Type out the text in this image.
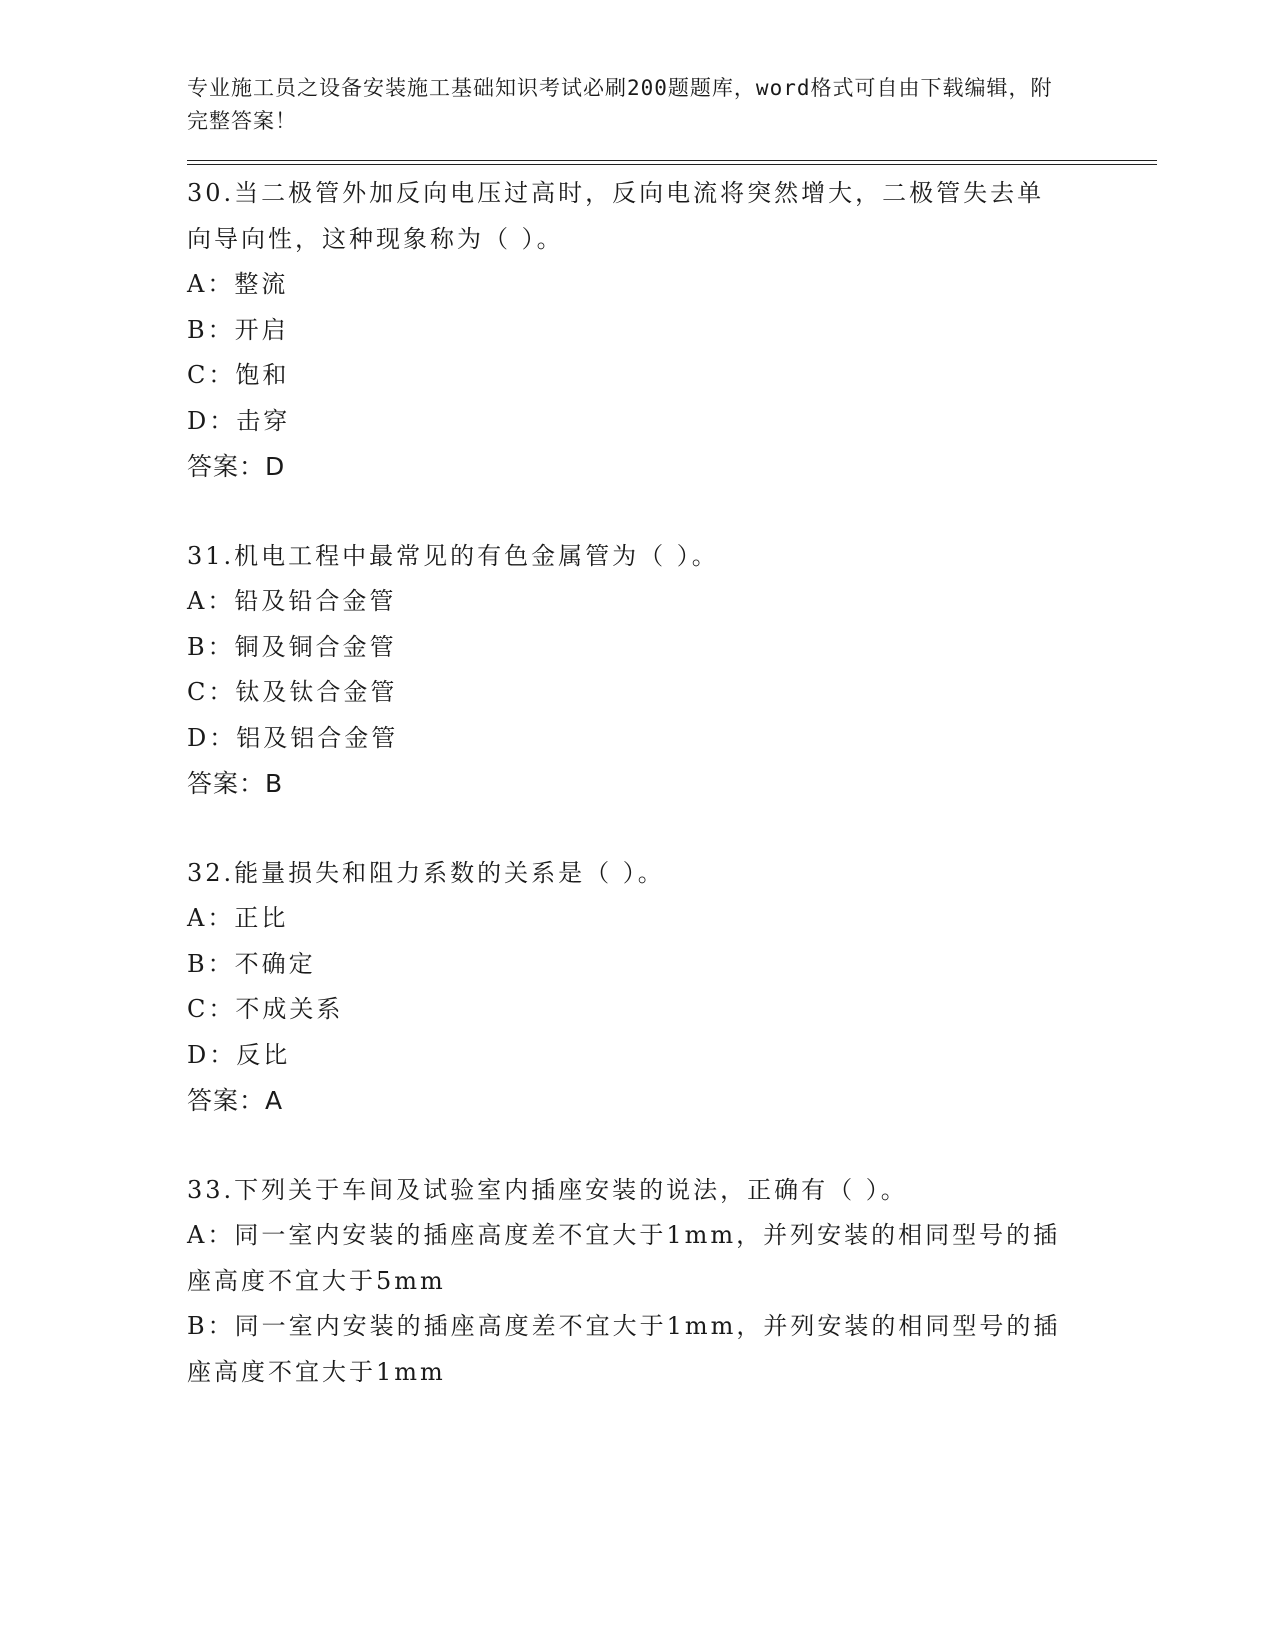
专业施工员之设备安装施工基础知识考试必刷200题题库，word格式可自由下载编辑，附完整答案！
30.当二极管外加反向电压过高时，反向电流将突然增大，二极管失去单向导向性，这种现象称为（ ）。
A：整流
B：开启
C：饱和
D：击穿
答案：D
31.机电工程中最常见的有色金属管为（ ）。
A：铅及铅合金管
B：铜及铜合金管
C：钛及钛合金管
D：铝及铝合金管
答案：B
32.能量损失和阻力系数的关系是（ ）。
A：正比
B：不确定
C：不成关系
D：反比
答案：A
33.下列关于车间及试验室内插座安装的说法，正确有（ ）。
A：同一室内安装的插座高度差不宜大于1mm，并列安装的相同型号的插座高度不宜大于5mm
B：同一室内安装的插座高度差不宜大于1mm，并列安装的相同型号的插座高度不宜大于1mm
